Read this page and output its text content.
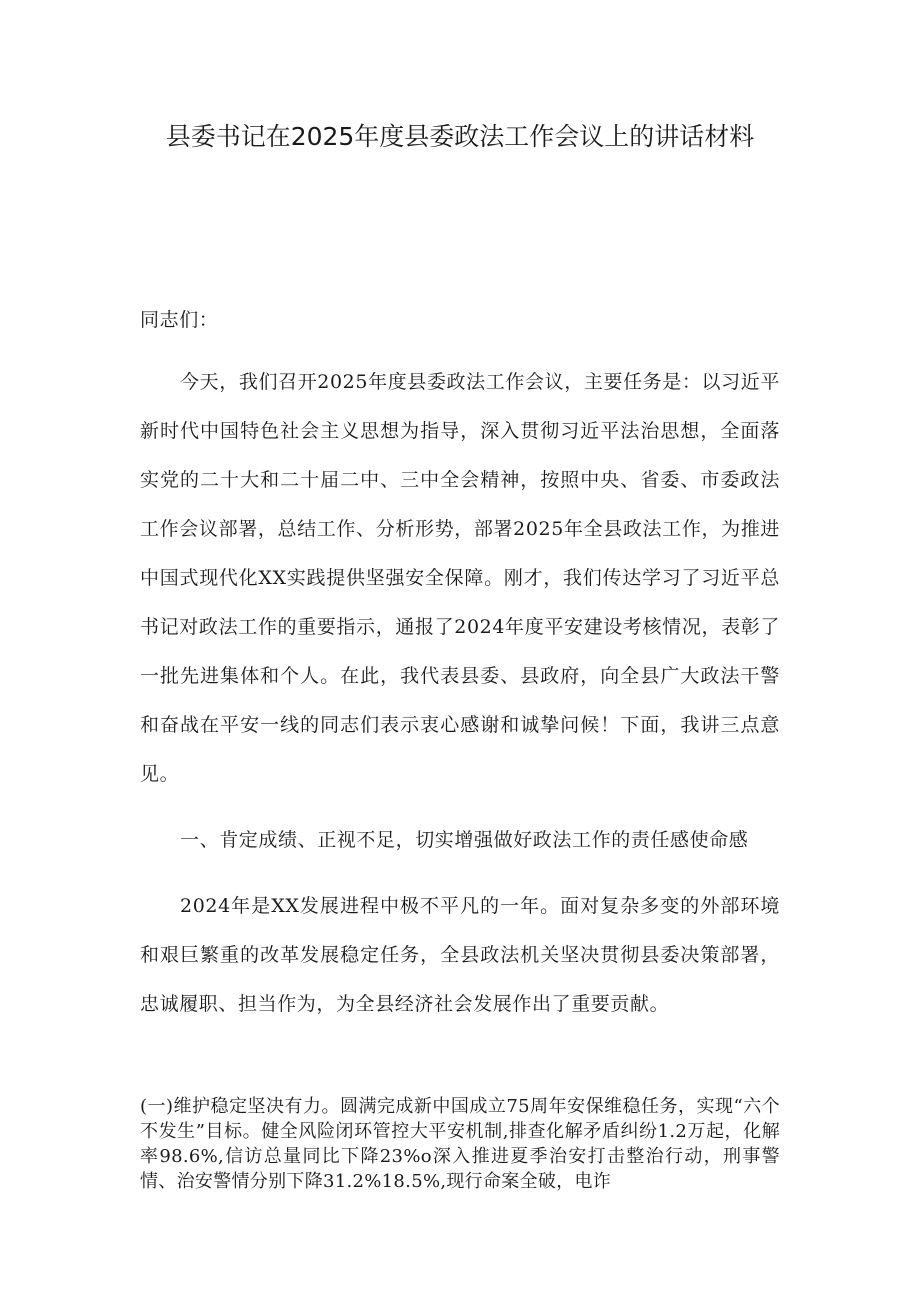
县委书记在2025年度县委政法工作会议上的讲话材料

同志们：

今天，我们召开2025年度县委政法工作会议，主要任务是：以习近平新时代中国特色社会主义思想为指导，深入贯彻习近平法治思想，全面落实党的二十大和二十届二中、三中全会精神，按照中央、省委、市委政法工作会议部署，总结工作、分析形势，部署2025年全县政法工作，为推进中国式现代化XX实践提供坚强安全保障。刚才，我们传达学习了习近平总书记对政法工作的重要指示，通报了2024年度平安建设考核情况，表彰了一批先进集体和个人。在此，我代表县委、县政府，向全县广大政法干警和奋战在平安一线的同志们表示衷心感谢和诚挚问候！下面，我讲三点意见。

一、肯定成绩、正视不足，切实增强做好政法工作的责任感使命感

2024年是XX发展进程中极不平凡的一年。面对复杂多变的外部环境和艰巨繁重的改革发展稳定任务，全县政法机关坚决贯彻县委决策部署，忠诚履职、担当作为，为全县经济社会发展作出了重要贡献。

(一)维护稳定坚决有力。圆满完成新中国成立75周年安保维稳任务，实现“六个不发生”目标。健全风险闭环管控大平安机制,排查化解矛盾纠纷1.2万起，化解率98.6%,信访总量同比下降23%o深入推进夏季治安打击整治行动，刑事警情、治安警情分别下降31.2%18.5%,现行命案全破，电诈
